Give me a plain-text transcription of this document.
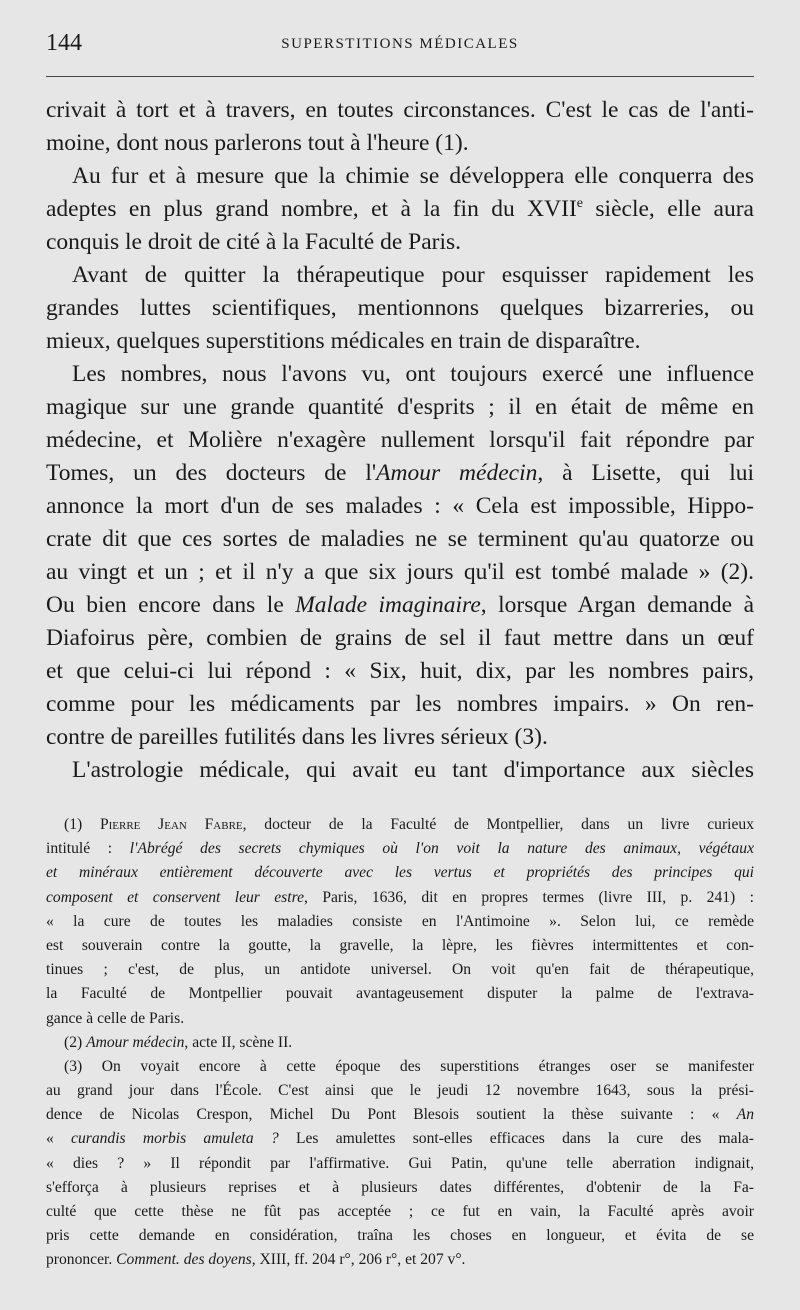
144	SUPERSTITIONS MÉDICALES
crivait à tort et à travers, en toutes circonstances. C'est le cas de l'anti-
moine, dont nous parlerons tout à l'heure (1).
Au fur et à mesure que la chimie se développera elle conquerra des
adeptes en plus grand nombre, et à la fin du XVIIe siècle, elle aura
conquis le droit de cité à la Faculté de Paris.
Avant de quitter la thérapeutique pour esquisser rapidement les
grandes luttes scientifiques, mentionnons quelques bizarreries, ou
mieux, quelques superstitions médicales en train de disparaître.
Les nombres, nous l'avons vu, ont toujours exercé une influence
magique sur une grande quantité d'esprits ; il en était de même en
médecine, et Molière n'exagère nullement lorsqu'il fait répondre par
Tomes, un des docteurs de l'Amour médecin, à Lisette, qui lui
annonce la mort d'un de ses malades : « Cela est impossible, Hippo-
crate dit que ces sortes de maladies ne se terminent qu'au quatorze ou
au vingt et un ; et il n'y a que six jours qu'il est tombé malade » (2).
Ou bien encore dans le Malade imaginaire, lorsque Argan demande à
Diafoirus père, combien de grains de sel il faut mettre dans un œuf
et que celui-ci lui répond : « Six, huit, dix, par les nombres pairs,
comme pour les médicaments par les nombres impairs. » On ren-
contre de pareilles futilités dans les livres sérieux (3).
L'astrologie médicale, qui avait eu tant d'importance aux siècles
(1) Pierre Jean Fabre, docteur de la Faculté de Montpellier, dans un livre curieux
intitulé : l'Abrégé des secrets chymiques où l'on voit la nature des animaux, végétaux
et minéraux entièrement découverte avec les vertus et propriétés des principes qui
composent et conservent leur estre, Paris, 1636, dit en propres termes (livre III, p. 241) :
« la cure de toutes les maladies consiste en l'Antimoine ». Selon lui, ce remède
est souverain contre la goutte, la gravelle, la lèpre, les fièvres intermittentes et con-
tinues ; c'est, de plus, un antidote universel. On voit qu'en fait de thérapeutique,
la Faculté de Montpellier pouvait avantageusement disputer la palme de l'extrava-
gance à celle de Paris.
(2) Amour médecin, acte II, scène II.
(3) On voyait encore à cette époque des superstitions étranges oser se manifester
au grand jour dans l'École. C'est ainsi que le jeudi 12 novembre 1643, sous la prési-
dence de Nicolas Crespon, Michel Du Pont Blesois soutient la thèse suivante : « An
« curandis morbis amuleta ? Les amulettes sont-elles efficaces dans la cure des mala-
« dies ? » Il répondit par l'affirmative. Gui Patin, qu'une telle aberration indignait,
s'efforça à plusieurs reprises et à plusieurs dates différentes, d'obtenir de la Fa-
culté que cette thèse ne fût pas acceptée ; ce fut en vain, la Faculté après avoir
pris cette demande en considération, traîna les choses en longueur, et évita de se
prononcer. Comment. des doyens, XIII, ff. 204 r°, 206 r°, et 207 v°.
